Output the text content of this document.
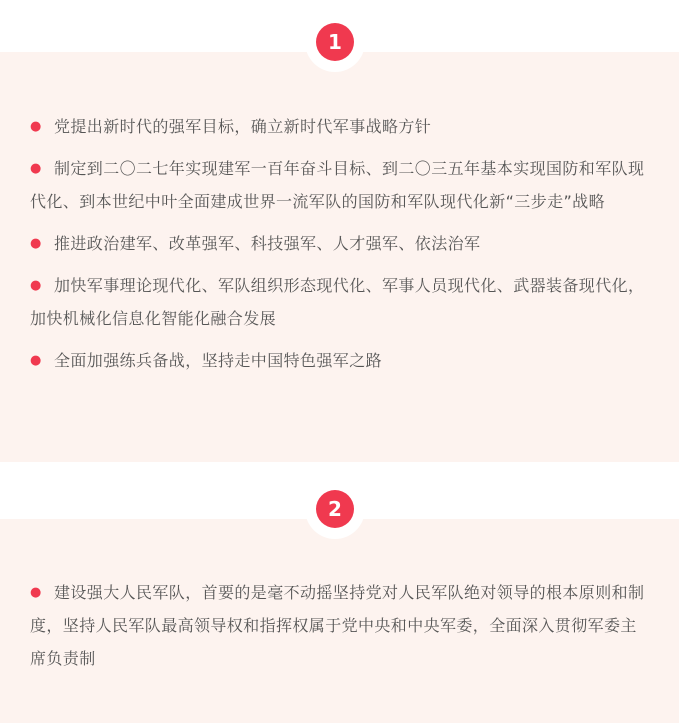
1
● 党提出新时代的强军目标，确立新时代军事战略方针
● 制定到二〇二七年实现建军一百年奋斗目标、到二〇三五年基本实现国防和军队现代化、到本世纪中叶全面建成世界一流军队的国防和军队现代化新“三步走”战略
● 推进政治建军、改革强军、科技强军、人才强军、依法治军
● 加快军事理论现代化、军队组织形态现代化、军事人员现代化、武器装备现代化，加快机械化信息化智能化融合发展
● 全面加强练兵备战，坚持走中国特色强军之路
2
● 建设强大人民军队，首要的是毫不动摇坚持党对人民军队绝对领导的根本原则和制度，坚持人民军队最高领导权和指挥权属于党中央和中央军委，全面深入贯彻军委主席负责制
